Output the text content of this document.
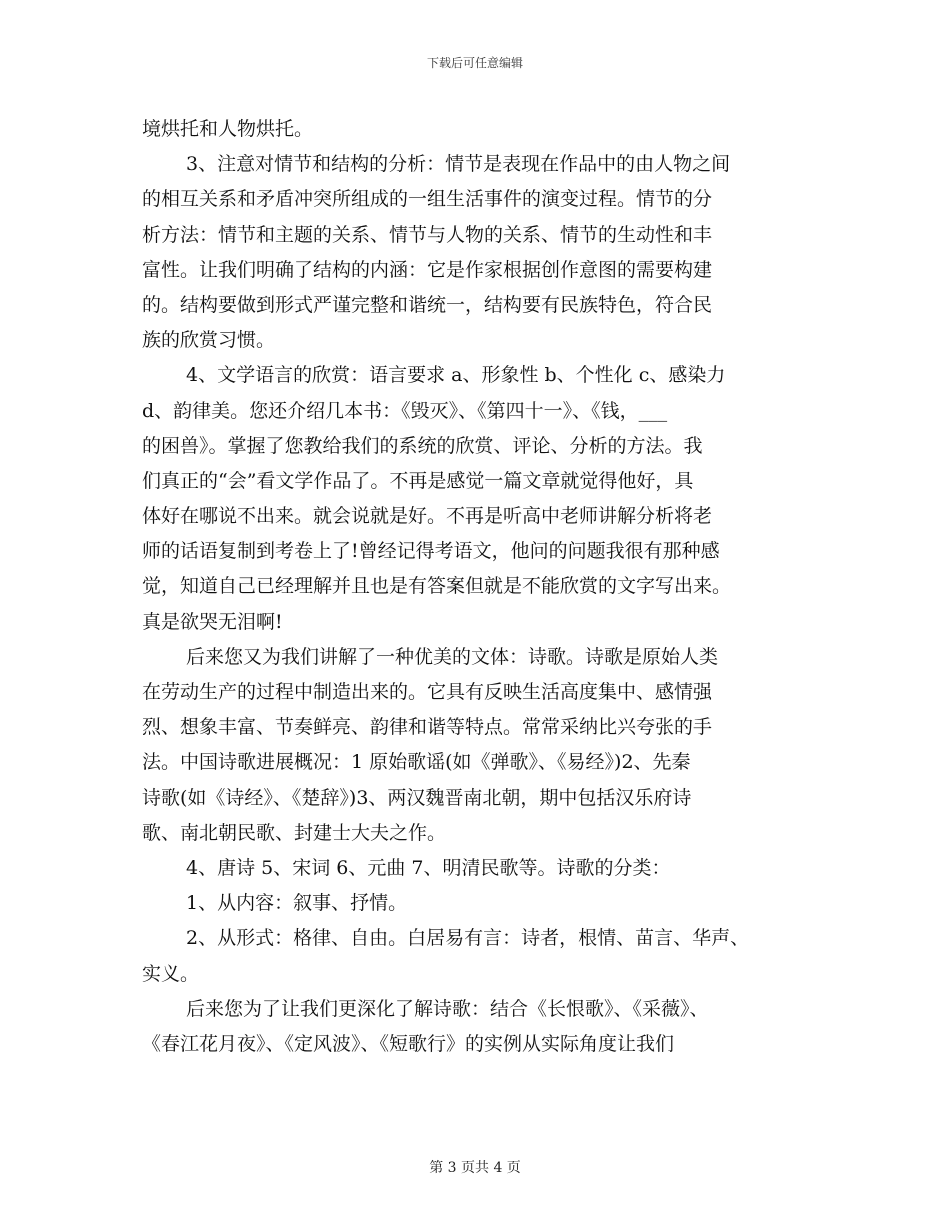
下载后可任意编辑
境烘托和人物烘托。
3、注意对情节和结构的分析：情节是表现在作品中的由人物之间
的相互关系和矛盾冲突所组成的一组生活事件的演变过程。情节的分
析方法：情节和主题的关系、情节与人物的关系、情节的生动性和丰
富性。让我们明确了结构的内涵：它是作家根据创作意图的需要构建
的。结构要做到形式严谨完整和谐统一，结构要有民族特色，符合民
族的欣赏习惯。
4、文学语言的欣赏：语言要求 a、形象性 b、个性化 c、感染力
d、韵律美。您还介绍几本书：《毁灭》、《第四十一》、《钱，___
的困兽》。掌握了您教给我们的系统的欣赏、评论、分析的方法。我
们真正的“会”看文学作品了。不再是感觉一篇文章就觉得他好，具
体好在哪说不出来。就会说就是好。不再是听高中老师讲解分析将老
师的话语复制到考卷上了!曾经记得考语文，他问的问题我很有那种感
觉，知道自己已经理解并且也是有答案但就是不能欣赏的文字写出来。
真是欲哭无泪啊!
后来您又为我们讲解了一种优美的文体：诗歌。诗歌是原始人类
在劳动生产的过程中制造出来的。它具有反映生活高度集中、感情强
烈、想象丰富、节奏鲜亮、韵律和谐等特点。常常采纳比兴夸张的手
法。中国诗歌进展概况：1 原始歌谣(如《弹歌》、《易经》)2、先秦
诗歌(如《诗经》、《楚辞》)3、两汉魏晋南北朝，期中包括汉乐府诗
歌、南北朝民歌、封建士大夫之作。
4、唐诗 5、宋词 6、元曲 7、明清民歌等。诗歌的分类：
1、从内容：叙事、抒情。
2、从形式：格律、自由。白居易有言：诗者，根情、苗言、华声、
实义。
后来您为了让我们更深化了解诗歌：结合《长恨歌》、《采薇》、
《春江花月夜》、《定风波》、《短歌行》的实例从实际角度让我们
第 3 页共 4 页
